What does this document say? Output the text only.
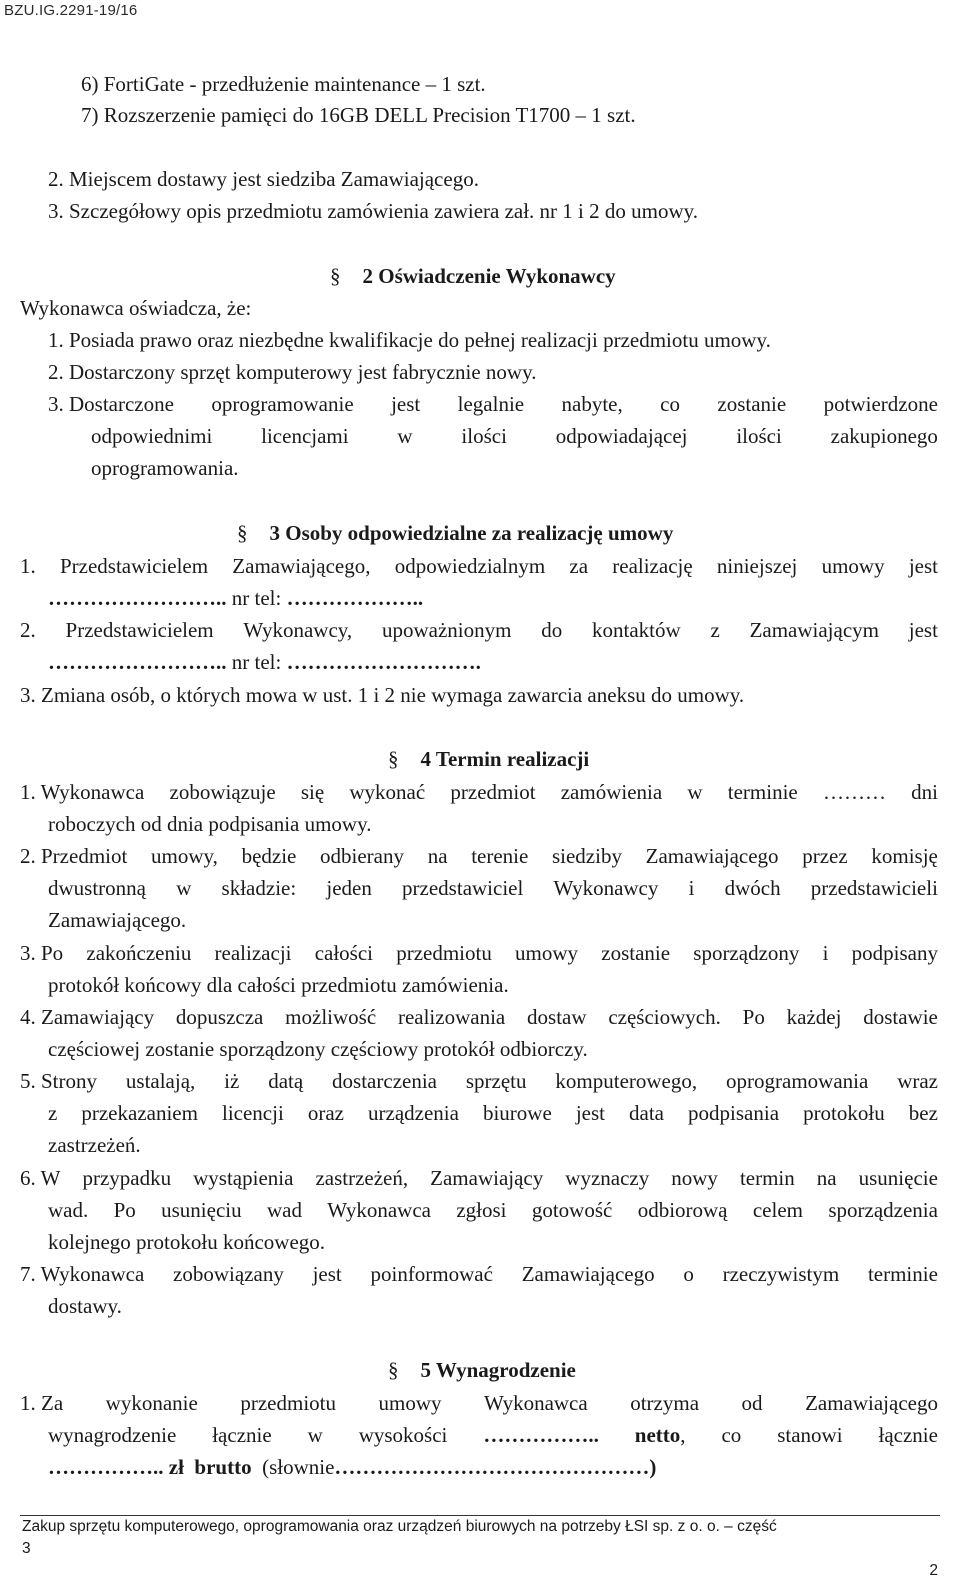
BZU.IG.2291-19/16
6) FortiGate - przedłużenie maintenance – 1 szt.
7) Rozszerzenie pamięci do 16GB DELL Precision T1700 – 1 szt.
2. Miejscem dostawy jest siedziba Zamawiającego.
3. Szczegółowy opis przedmiotu zamówienia zawiera zał. nr 1 i 2 do umowy.
§ 2 Oświadczenie Wykonawcy
Wykonawca oświadcza, że:
1. Posiada prawo oraz niezbędne kwalifikacje do pełnej realizacji przedmiotu umowy.
2. Dostarczony sprzęt komputerowy jest fabrycznie nowy.
3. Dostarczone oprogramowanie jest legalnie nabyte, co zostanie potwierdzone
odpowiednimi licencjami w ilości odpowiadającej ilości zakupionego
oprogramowania.
§ 3 Osoby odpowiedzialne za realizację umowy
1. Przedstawicielem Zamawiającego, odpowiedzialnym za realizację niniejszej umowy jest
…………………….. nr tel: ………………..
2. Przedstawicielem Wykonawcy, upoważnionym do kontaktów z Zamawiającym jest
…………………….. nr tel: ……………………….
3. Zmiana osób, o których mowa w ust. 1 i 2 nie wymaga zawarcia aneksu do umowy.
§ 4 Termin realizacji
1. Wykonawca zobowiązuje się wykonać przedmiot zamówienia w terminie ……… dni
roboczych od dnia podpisania umowy.
2. Przedmiot umowy, będzie odbierany na terenie siedziby Zamawiającego przez komisję
dwustronną w składzie: jeden przedstawiciel Wykonawcy i dwóch przedstawicieli
Zamawiającego.
3. Po zakończeniu realizacji całości przedmiotu umowy zostanie sporządzony i podpisany
protokół końcowy dla całości przedmiotu zamówienia.
4. Zamawiający dopuszcza możliwość realizowania dostaw częściowych. Po każdej dostawie
częściowej zostanie sporządzony częściowy protokół odbiorczy.
5. Strony ustalają, iż datą dostarczenia sprzętu komputerowego, oprogramowania wraz
z przekazaniem licencji oraz urządzenia biurowe jest data podpisania protokołu bez
zastrzeżeń.
6. W przypadku wystąpienia zastrzeżeń, Zamawiający wyznaczy nowy termin na usunięcie
wad. Po usunięciu wad Wykonawca zgłosi gotowość odbiorową celem sporządzenia
kolejnego protokołu końcowego.
7. Wykonawca zobowiązany jest poinformować Zamawiającego o rzeczywistym terminie
dostawy.
§ 5 Wynagrodzenie
1. Za wykonanie przedmiotu umowy Wykonawca otrzyma od Zamawiającego
wynagrodzenie łącznie w wysokości …………….. netto, co stanowi łącznie
…………….. zł brutto (słownie………………………………………)
Zakup sprzętu komputerowego, oprogramowania oraz urządzeń biurowych na potrzeby ŁSI sp. z o. o. – część
3
2
